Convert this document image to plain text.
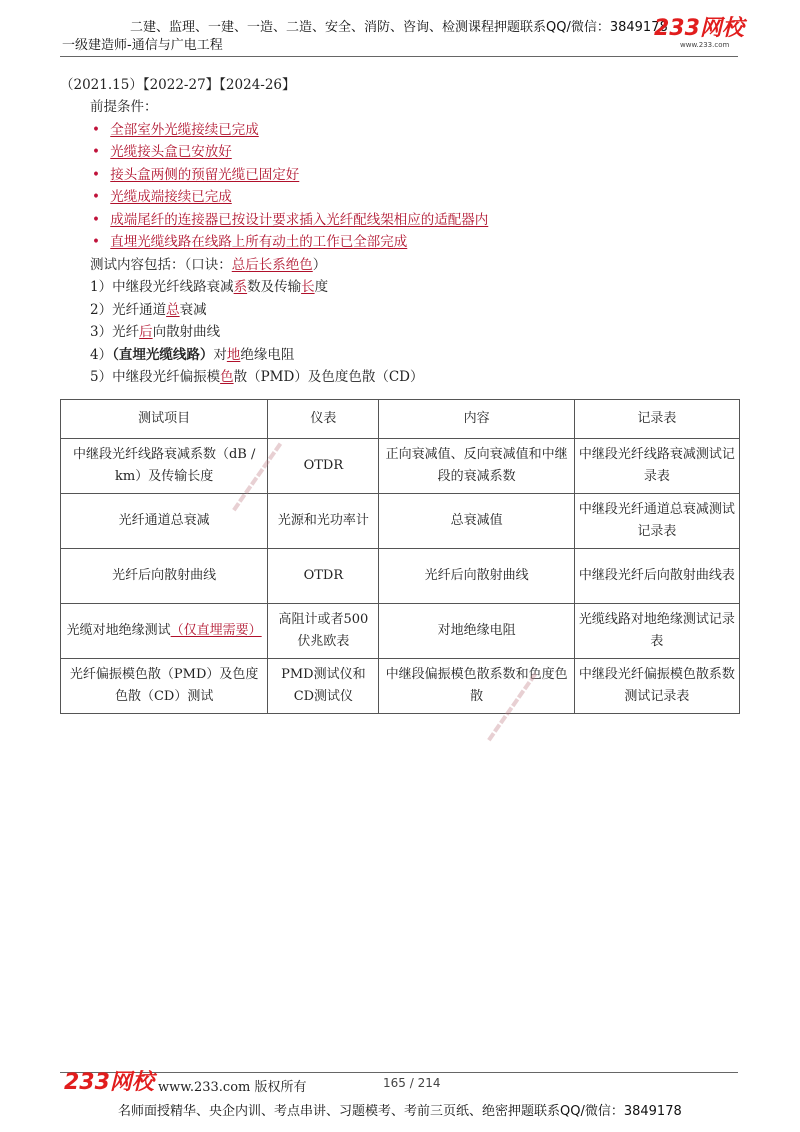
二建、监理、一建、一造、二造、安全、消防、咨询、检测课程押题联系QQ/微信：3849178
一级建造师-通信与广电工程
233网校
www.233.com
（2021.15）【2022-27】【2024-26】
前提条件：
• 全部室外光缆接续已完成
• 光缆接头盒已安放好
• 接头盒两侧的预留光缆已固定好
• 光缆成端接续已完成
• 成端尾纤的连接器已按设计要求插入光纤配线架相应的适配器内
• 直埋光缆线路在线路上所有动土的工作已全部完成
测试内容包括：（口诀：总后长系绝色）
1）中继段光纤线路衰减系数及传输长度
2）光纤通道总衰减
3）光纤后向散射曲线
4）（直埋光缆线路）对地绝缘电阻
5）中继段光纤偏振模色散（PMD）及色度色散（CD）
测试项目	仪表	内容	记录表
中继段光纤线路衰减系数（dB / km）及传输长度	OTDR	正向衰减值、反向衰减值和中继段的衰减系数	中继段光纤线路衰减测试记录表
光纤通道总衰减	光源和光功率计	总衰减值	中继段光纤通道总衰减测试记录表
光纤后向散射曲线	OTDR	光纤后向散射曲线	中继段光纤后向散射曲线表
光缆对地绝缘测试（仅直埋需要）	高阻计或者500伏兆欧表	对地绝缘电阻	光缆线路对地绝缘测试记录表
光纤偏振模色散（PMD）及色度色散（CD）测试	PMD测试仪和CD测试仪	中继段偏振模色散系数和色度色散	中继段光纤偏振模色散系数测试记录表
▬▬▬▬▬▬▬▬
▬▬▬▬▬▬▬▬
233网校 www.233.com 版权所有	165 / 214
名师面授精华、央企内训、考点串讲、习题模考、考前三页纸、绝密押题联系QQ/微信：3849178
